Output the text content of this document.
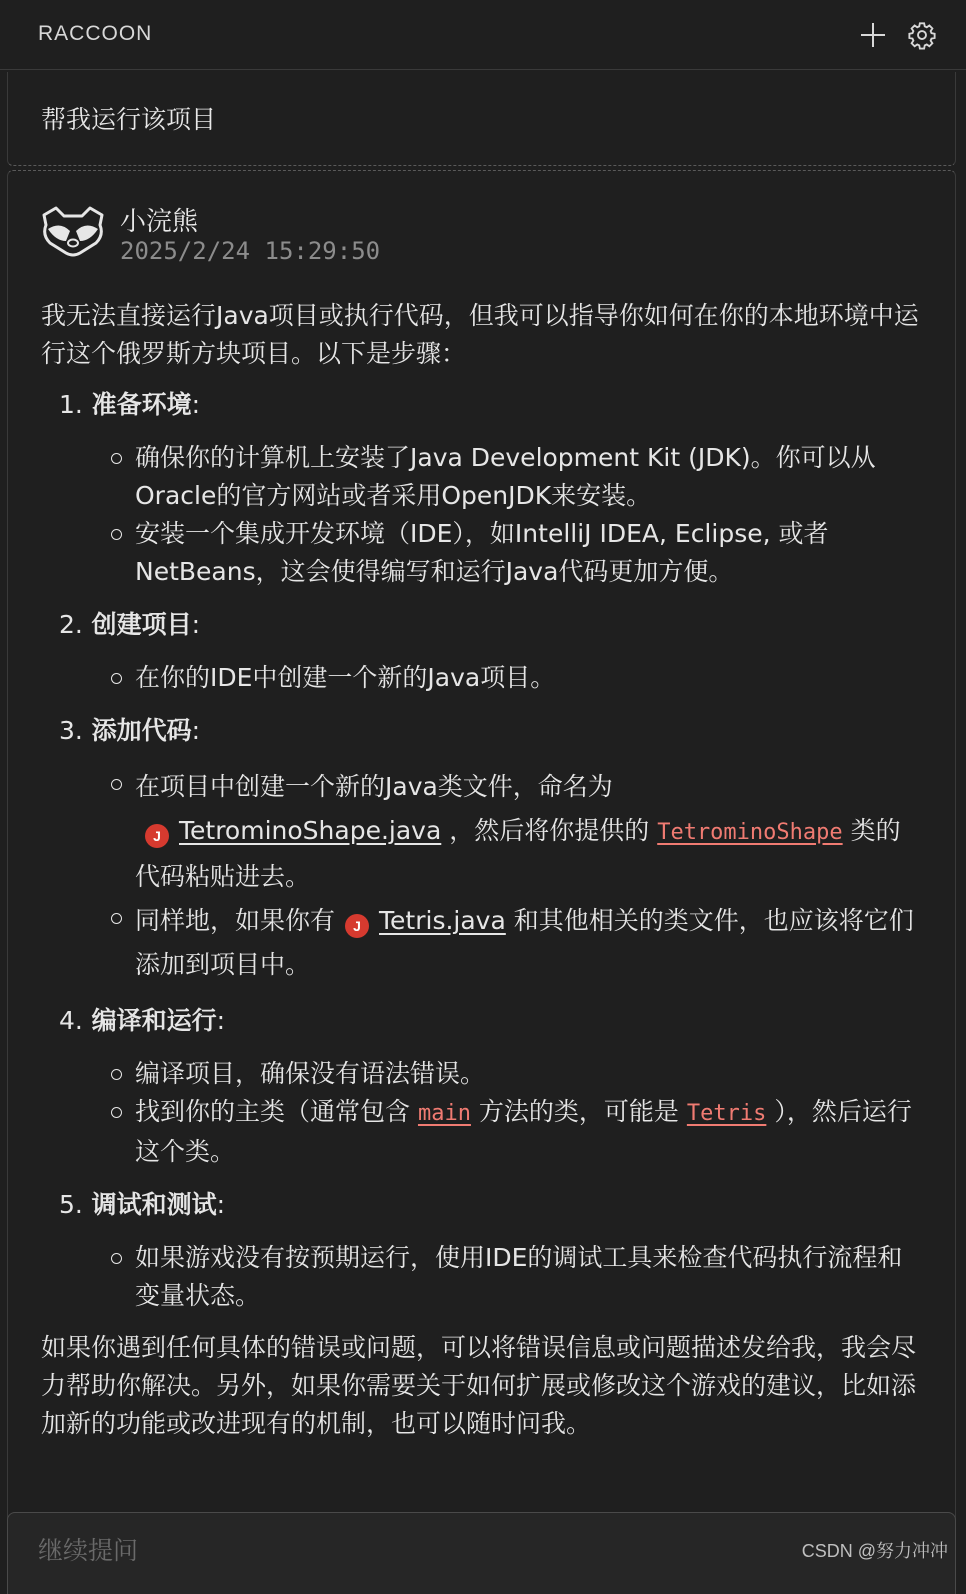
RACCOON
帮我运行该项目
小浣熊
2025/2/24 15:29:50

我无法直接运行Java项目或执行代码，但我可以指导你如何在你的本地环境中运行这个俄罗斯方块项目。以下是步骤：

1. 准备环境:
确保你的计算机上安装了Java Development Kit (JDK)。你可以从Oracle的官方网站或者采用OpenJDK来安装。
安装一个集成开发环境（IDE），如IntelliJ IDEA, Eclipse, 或者NetBeans，这会使得编写和运行Java代码更加方便。
2. 创建项目:
在你的IDE中创建一个新的Java项目。
3. 添加代码:
在项目中创建一个新的Java类文件，命名为
J TetrominoShape.java ，然后将你提供的 TetrominoShape 类的代码粘贴进去。
同样地，如果你有 J Tetris.java 和其他相关的类文件，也应该将它们添加到项目中。
4. 编译和运行:
编译项目，确保没有语法错误。
找到你的主类（通常包含 main 方法的类，可能是 Tetris ），然后运行这个类。
5. 调试和测试:
如果游戏没有按预期运行，使用IDE的调试工具来检查代码执行流程和变量状态。

如果你遇到任何具体的错误或问题，可以将错误信息或问题描述发给我，我会尽力帮助你解决。另外，如果你需要关于如何扩展或修改这个游戏的建议，比如添加新的功能或改进现有的机制，也可以随时问我。

继续提问
CSDN @努力冲冲
